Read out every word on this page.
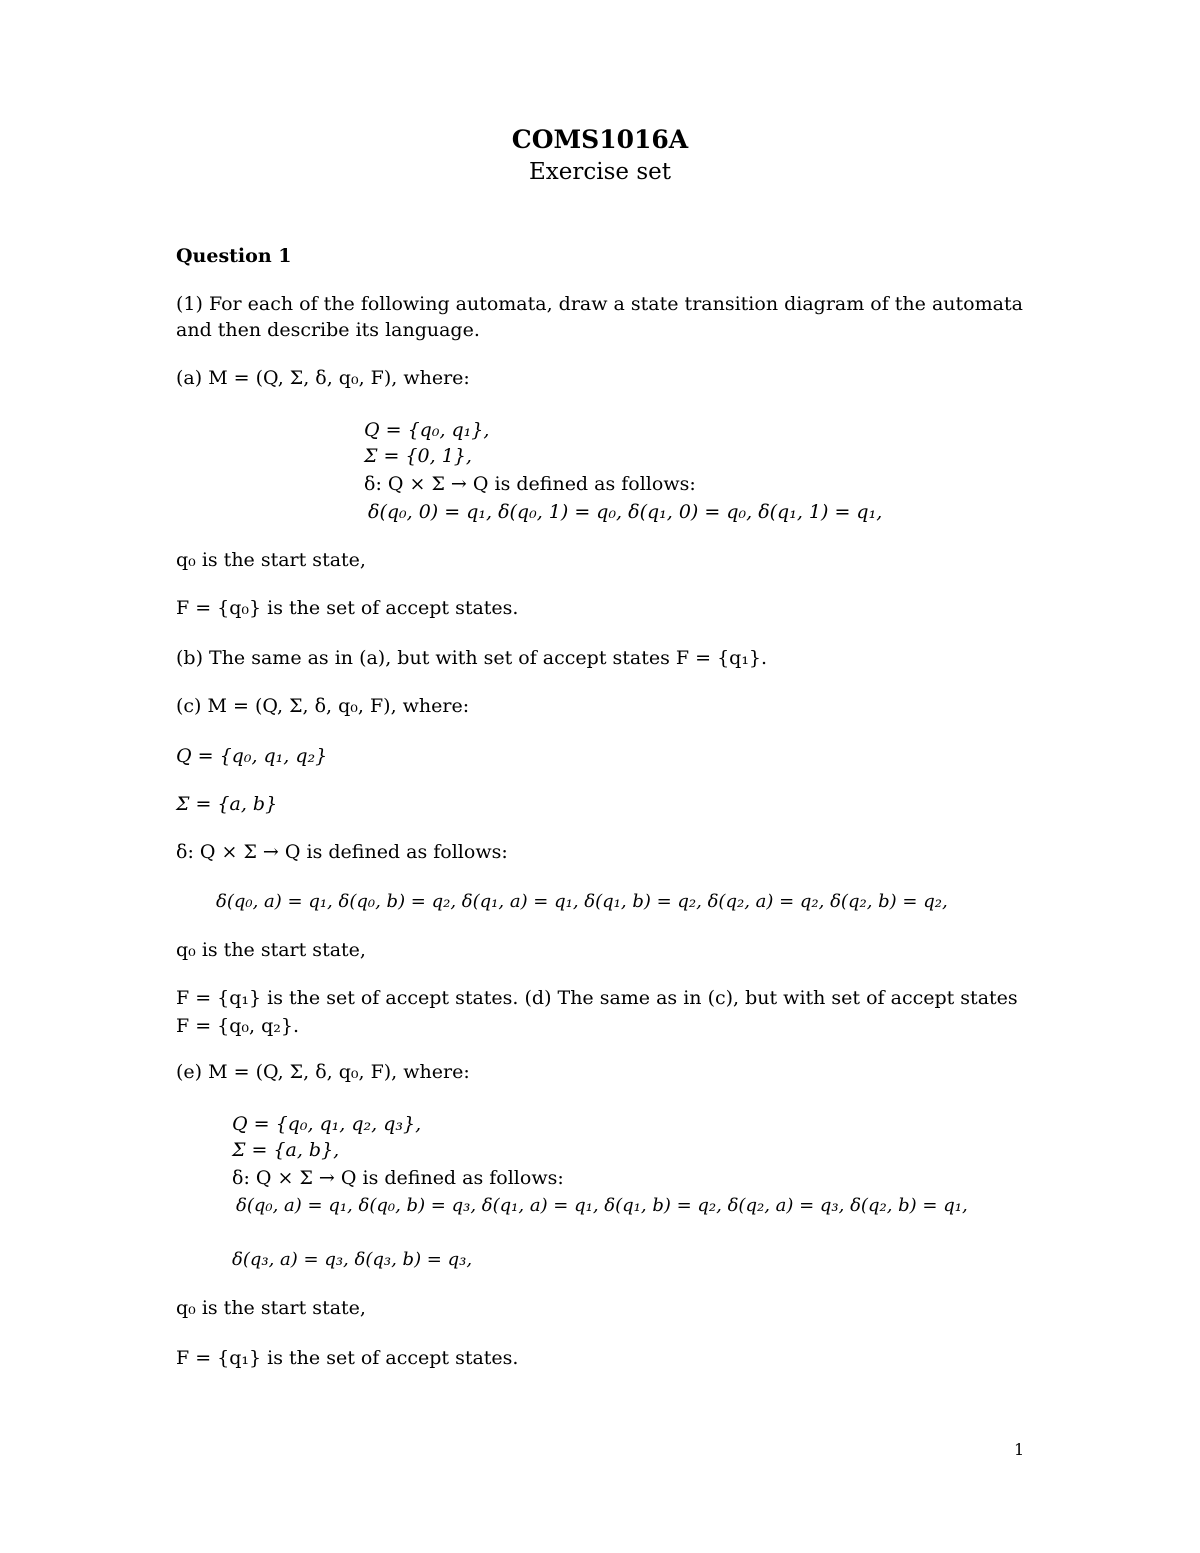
COMS1016A
Exercise set
Question 1
(1) For each of the following automata, draw a state transition diagram of the automata
and then describe its language.
(a) M = (Q, Σ, δ, q₀, F), where:
Q = {q₀, q₁},
Σ = {0, 1},
δ: Q × Σ → Q is defined as follows:
δ(q₀, 0) = q₁, δ(q₀, 1) = q₀, δ(q₁, 0) = q₀, δ(q₁, 1) = q₁,
q₀ is the start state,
F = {q₀} is the set of accept states.
(b) The same as in (a), but with set of accept states F = {q₁}.
(c) M = (Q, Σ, δ, q₀, F), where:
Q = {q₀, q₁, q₂}
Σ = {a, b}
δ: Q × Σ → Q is defined as follows:
δ(q₀, a) = q₁, δ(q₀, b) = q₂, δ(q₁, a) = q₁, δ(q₁, b) = q₂, δ(q₂, a) = q₂, δ(q₂, b) = q₂,
q₀ is the start state,
F = {q₁} is the set of accept states. (d) The same as in (c), but with set of accept states
F = {q₀, q₂}.
(e) M = (Q, Σ, δ, q₀, F), where:
Q = {q₀, q₁, q₂, q₃},
Σ = {a, b},
δ: Q × Σ → Q is defined as follows:
δ(q₀, a) = q₁, δ(q₀, b) = q₃, δ(q₁, a) = q₁, δ(q₁, b) = q₂, δ(q₂, a) = q₃, δ(q₂, b) = q₁,
δ(q₃, a) = q₃, δ(q₃, b) = q₃,
q₀ is the start state,
F = {q₁} is the set of accept states.
1
